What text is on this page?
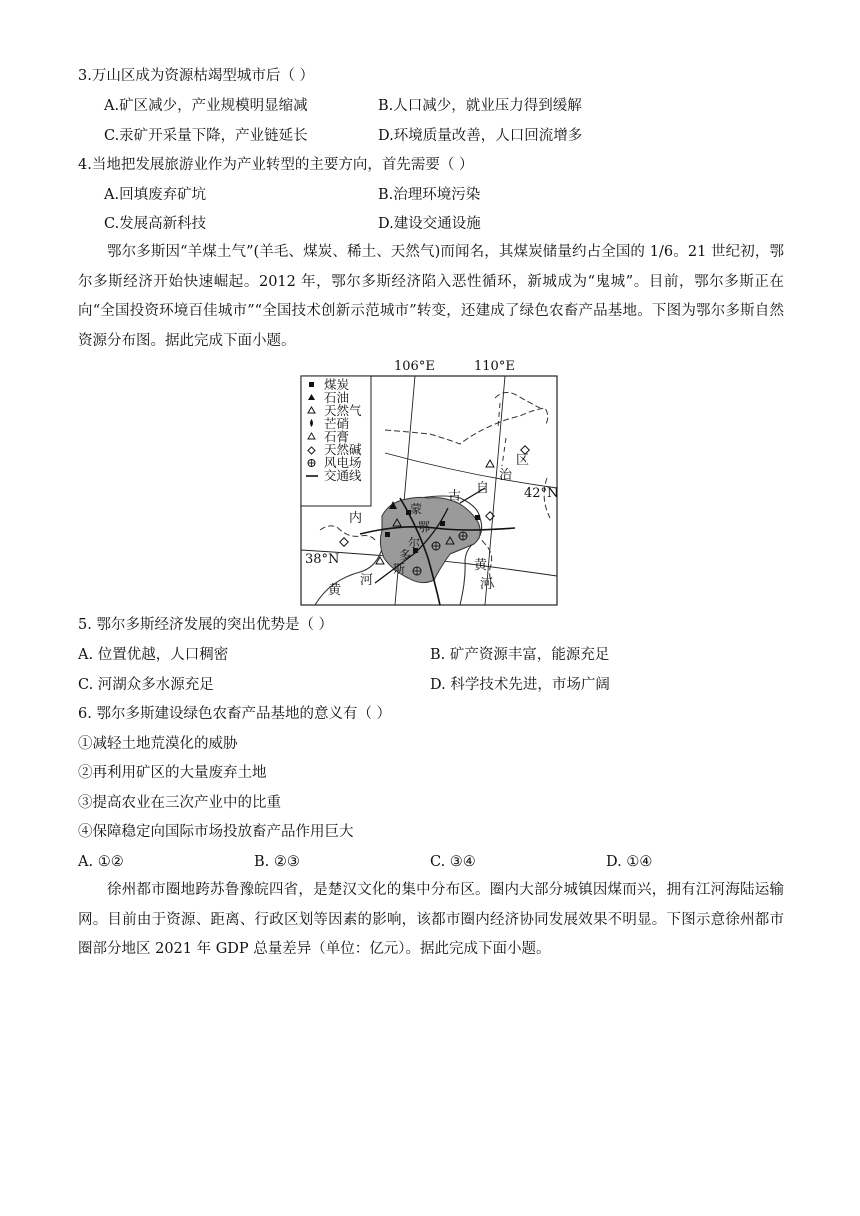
3.万山区成为资源枯竭型城市后（ ）
A.矿区减少，产业规模明显缩减	B.人口减少，就业压力得到缓解
C.汞矿开采量下降，产业链延长	D.环境质量改善，人口回流增多
4.当地把发展旅游业作为产业转型的主要方向，首先需要（ ）
A.回填废弃矿坑	B.治理环境污染
C.发展高新科技	D.建设交通设施
鄂尔多斯因“羊煤土气”(羊毛、煤炭、稀土、天然气)而闻名，其煤炭储量约占全国的 1/6。21 世纪初，鄂尔多斯经济开始快速崛起。2012 年，鄂尔多斯经济陷入恶性循环，新城成为“鬼城”。目前，鄂尔多斯正在向“全国投资环境百佳城市”“全国技术创新示范城市”转变，还建成了绿色农畜产品基地。下图为鄂尔多斯自然资源分布图。据此完成下面小题。
106°E	110°E
42°N
38°N
煤炭
石油
天然气
芒硝
石膏
天然碱
风电场
交通线
内
蒙
古
自
治
区
鄂
尔
多
斯
黄
河
黄
河
5. 鄂尔多斯经济发展的突出优势是（ ）
A. 位置优越，人口稠密	B. 矿产资源丰富，能源充足
C. 河湖众多水源充足	D. 科学技术先进，市场广阔
6. 鄂尔多斯建设绿色农畜产品基地的意义有（ ）
①减轻土地荒漠化的威胁
②再利用矿区的大量废弃土地
③提高农业在三次产业中的比重
④保障稳定向国际市场投放畜产品作用巨大
A. ①②	B. ②③	C. ③④	D. ①④
徐州都市圈地跨苏鲁豫皖四省，是楚汉文化的集中分布区。圈内大部分城镇因煤而兴，拥有江河海陆运输网。目前由于资源、距离、行政区划等因素的影响，该都市圈内经济协同发展效果不明显。下图示意徐州都市圈部分地区 2021 年 GDP 总量差异（单位：亿元）。据此完成下面小题。
